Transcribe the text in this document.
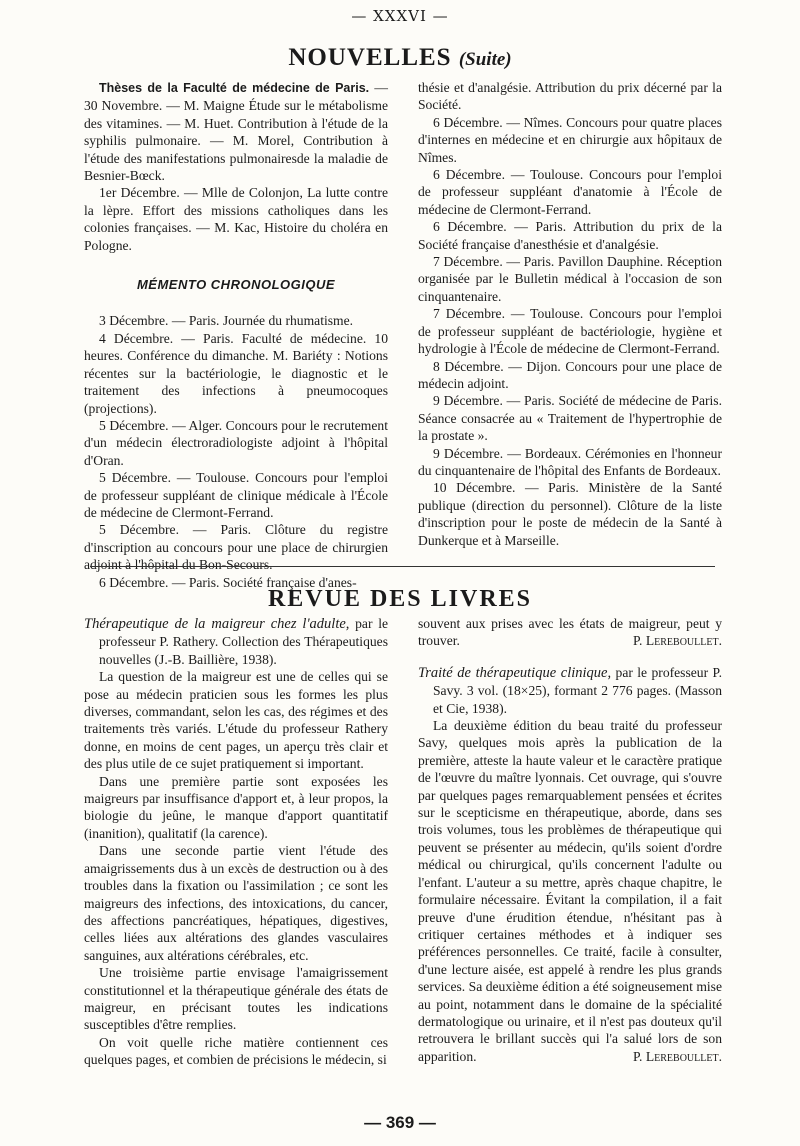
— XXXVI —
NOUVELLES (Suite)

Thèses de la Faculté de médecine de Paris. — 30 Novembre. — M. Maigne Étude sur le métabolisme des vitamines. — M. Huet. Contribution à l'étude de la syphilis pulmonaire. — M. Morel, Contribution à l'étude des manifestations pulmonairesde la maladie de Besnier-Bœck.

1er Décembre. — Mlle de Colonjon, La lutte contre la lèpre. Effort des missions catholiques dans les colonies françaises. — M. Kac, Histoire du choléra en Pologne.

MÉMENTO CHRONOLOGIQUE

3 Décembre. — Paris. Journée du rhumatisme.

4 Décembre. — Paris. Faculté de médecine. 10 heures. Conférence du dimanche. M. Bariéty : Notions récentes sur la bactériologie, le diagnostic et le traitement des infections à pneumocoques (projections).

5 Décembre. — Alger. Concours pour le recrutement d'un médecin électroradiologiste adjoint à l'hôpital d'Oran.

5 Décembre. — Toulouse. Concours pour l'emploi de professeur suppléant de clinique médicale à l'École de médecine de Clermont-Ferrand.

5 Décembre. — Paris. Clôture du registre d'inscription au concours pour une place de chirurgien adjoint à l'hôpital du Bon-Secours.

6 Décembre. — Paris. Société française d'anes-

thésie et d'analgésie. Attribution du prix décerné par la Société.

6 Décembre. — Nîmes. Concours pour quatre places d'internes en médecine et en chirurgie aux hôpitaux de Nîmes.

6 Décembre. — Toulouse. Concours pour l'emploi de professeur suppléant d'anatomie à l'École de médecine de Clermont-Ferrand.

6 Décembre. — Paris. Attribution du prix de la Société française d'anesthésie et d'analgésie.

7 Décembre. — Paris. Pavillon Dauphine. Réception organisée par le Bulletin médical à l'occasion de son cinquantenaire.

7 Décembre. — Toulouse. Concours pour l'emploi de professeur suppléant de bactériologie, hygiène et hydrologie à l'École de médecine de Clermont-Ferrand.

8 Décembre. — Dijon. Concours pour une place de médecin adjoint.

9 Décembre. — Paris. Société de médecine de Paris. Séance consacrée au « Traitement de l'hypertrophie de la prostate ».

9 Décembre. — Bordeaux. Cérémonies en l'honneur du cinquantenaire de l'hôpital des Enfants de Bordeaux.

10 Décembre. — Paris. Ministère de la Santé publique (direction du personnel). Clôture de la liste d'inscription pour le poste de médecin de la Santé à Dunkerque et à Marseille.

REVUE DES LIVRES

Thérapeutique de la maigreur chez l'adulte, par le professeur P. Rathery. Collection des Thérapeutiques nouvelles (J.-B. Baillière, 1938).

La question de la maigreur est une de celles qui se pose au médecin praticien sous les formes les plus diverses, commandant, selon les cas, des régimes et des traitements très variés. L'étude du professeur Rathery donne, en moins de cent pages, un aperçu très clair et des plus utile de ce sujet pratiquement si important.

Dans une première partie sont exposées les maigreurs par insuffisance d'apport et, à leur propos, la biologie du jeûne, le manque d'apport quantitatif (inanition), qualitatif (la carence).

Dans une seconde partie vient l'étude des amaigrissements dus à un excès de destruction ou à des troubles dans la fixation ou l'assimilation ; ce sont les maigreurs des infections, des intoxications, du cancer, des affections pancréatiques, hépatiques, digestives, celles liées aux altérations des glandes vasculaires sanguines, aux altérations cérébrales, etc.

Une troisième partie envisage l'amaigrissement constitutionnel et la thérapeutique générale des états de maigreur, en précisant toutes les indications susceptibles d'être remplies.

On voit quelle riche matière contiennent ces quelques pages, et combien de précisions le médecin, si

souvent aux prises avec les états de maigreur, peut y trouver.	P. Lereboullet.

Traité de thérapeutique clinique, par le professeur P. Savy. 3 vol. (18×25), formant 2 776 pages. (Masson et Cie, 1938).

La deuxième édition du beau traité du professeur Savy, quelques mois après la publication de la première, atteste la haute valeur et le caractère pratique de l'œuvre du maître lyonnais. Cet ouvrage, qui s'ouvre par quelques pages remarquablement pensées et écrites sur le scepticisme en thérapeutique, aborde, dans ses trois volumes, tous les problèmes de thérapeutique qui peuvent se présenter au médecin, qu'ils soient d'ordre médical ou chirurgical, qu'ils concernent l'adulte ou l'enfant. L'auteur a su mettre, après chaque chapitre, le formulaire nécessaire. Évitant la compilation, il a fait preuve d'une érudition étendue, n'hésitant pas à critiquer certaines méthodes et à indiquer ses préférences personnelles. Ce traité, facile à consulter, d'une lecture aisée, est appelé à rendre les plus grands services. Sa deuxième édition a été soigneusement mise au point, notamment dans le domaine de la spécialité dermatologique ou urinaire, et il n'est pas douteux qu'il retrouvera le brillant succès qui l'a salué lors de son apparition.	P. Lereboullet.

— 369 —
